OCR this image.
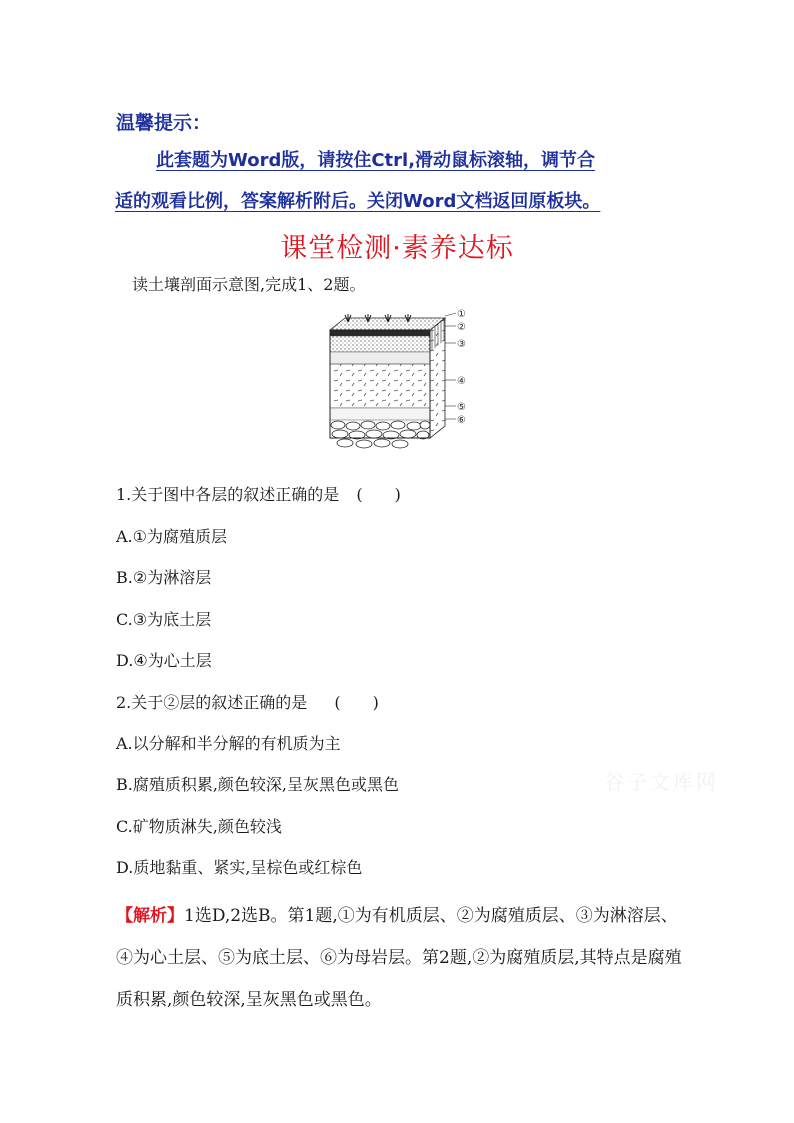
温馨提示：
此套题为Word版，请按住Ctrl,滑动鼠标滚轴，调节合
适的观看比例，答案解析附后。关闭Word文档返回原板块。
课堂检测·素养达标
读土壤剖面示意图,完成1、2题。
①
②
③
④
⑤
⑥
1.关于图中各层的叙述正确的是 (　　)
A.①为腐殖质层
B.②为淋溶层
C.③为底土层
D.④为心土层
2.关于②层的叙述正确的是 (　　)
A.以分解和半分解的有机质为主
B.腐殖质积累,颜色较深,呈灰黑色或黑色
C.矿物质淋失,颜色较浅
D.质地黏重、紧实,呈棕色或红棕色
谷子文库网
【解析】1选D,2选B。第1题,①为有机质层、②为腐殖质层、③为淋溶层、④为心土层、⑤为底土层、⑥为母岩层。第2题,②为腐殖质层,其特点是腐殖质积累,颜色较深,呈灰黑色或黑色。
